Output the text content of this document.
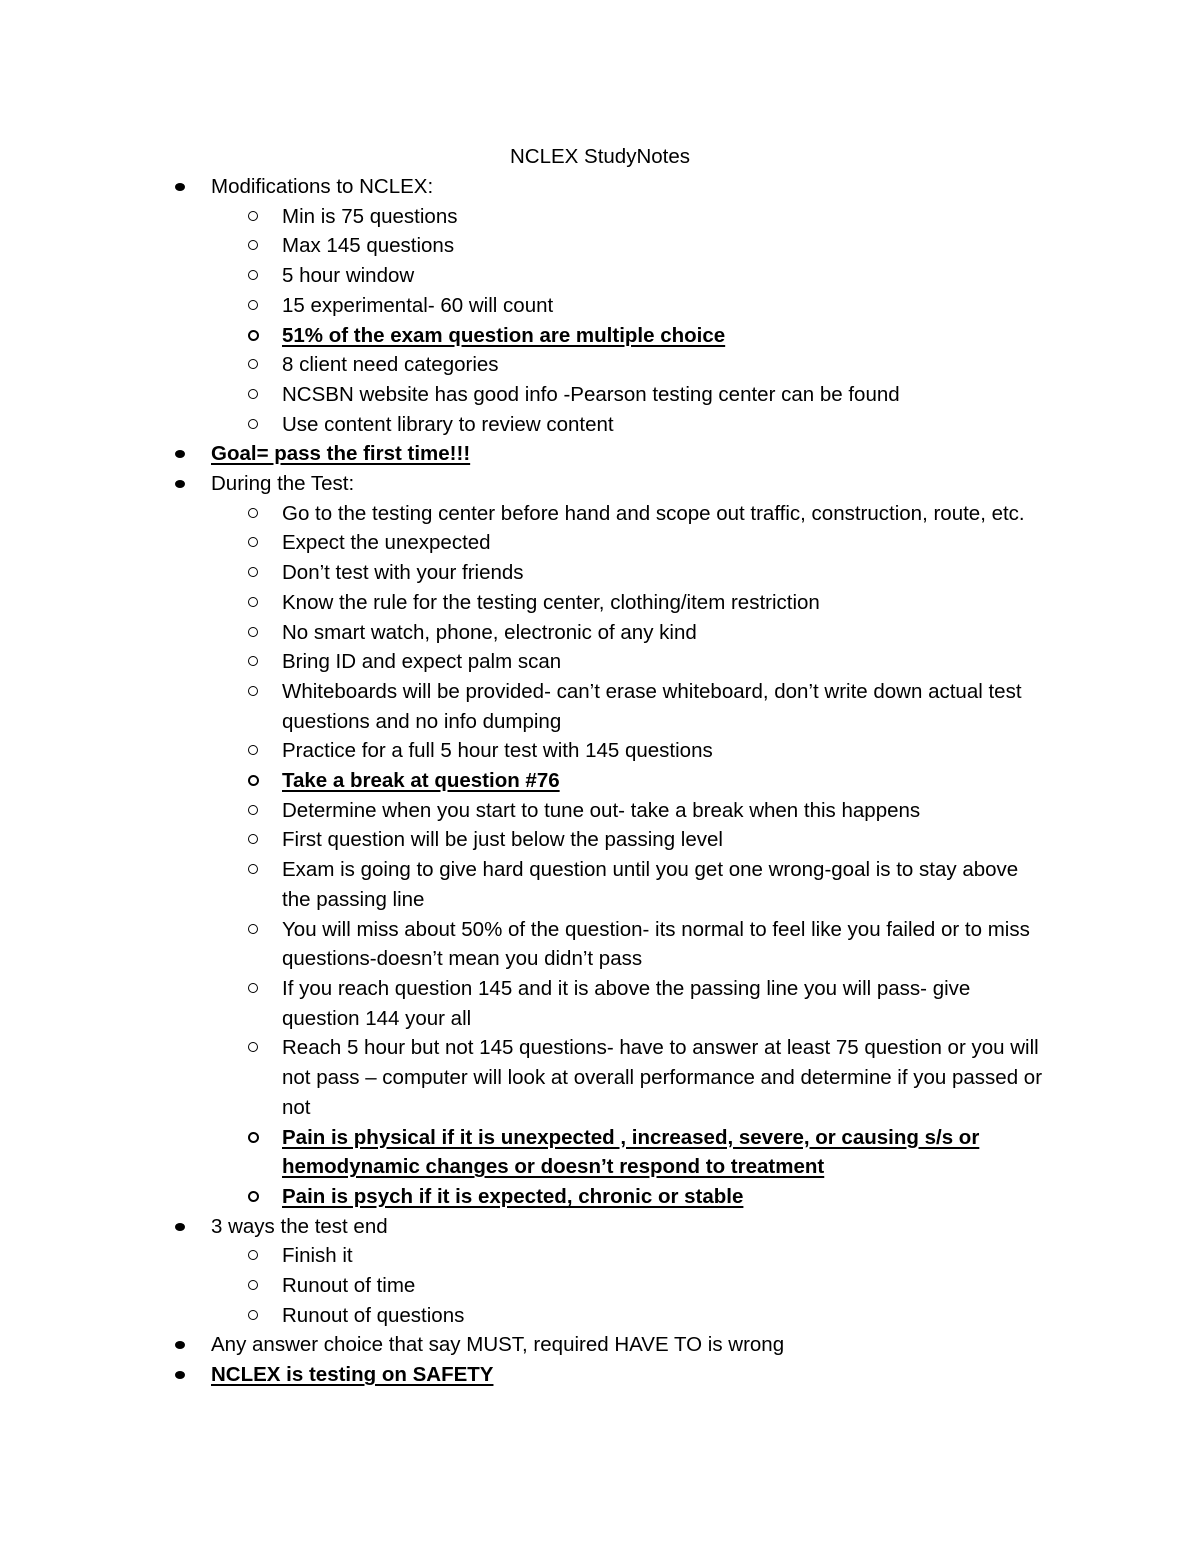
NCLEX StudyNotes
Modifications to NCLEX:
Min is 75 questions
Max 145 questions
5 hour window
15 experimental- 60 will count
51% of the exam question are multiple choice
8 client need categories
NCSBN website has good info -Pearson testing center can be found
Use content library to review content
Goal= pass the first time!!!
During the Test:
Go to the testing center before hand and scope out traffic, construction, route, etc.
Expect the unexpected
Don’t test with your friends
Know the rule for the testing center, clothing/item restriction
No smart watch, phone, electronic of any kind
Bring ID and expect palm scan
Whiteboards will be provided- can’t erase whiteboard, don’t write down actual test questions and no info dumping
Practice for a full 5 hour test with 145 questions
Take a break at question #76
Determine when you start to tune out- take a break when this happens
First question will be just below the passing level
Exam is going to give hard question until you get one wrong-goal is to stay above the passing line
You will miss about 50% of the question- its normal to feel like you failed or to miss questions-doesn’t mean you didn’t pass
If you reach question 145 and it is above the passing line you will pass- give question 144 your all
Reach 5 hour but not 145 questions- have to answer at least 75 question or you will not pass – computer will look at overall performance and determine if you passed or not
Pain is physical if it is unexpected , increased, severe, or causing s/s or hemodynamic changes or doesn’t respond to treatment
Pain is psych if it is expected, chronic or stable
3 ways the test end
Finish it
Runout of time
Runout of questions
Any answer choice that say MUST, required HAVE TO is wrong
NCLEX is testing on SAFETY
